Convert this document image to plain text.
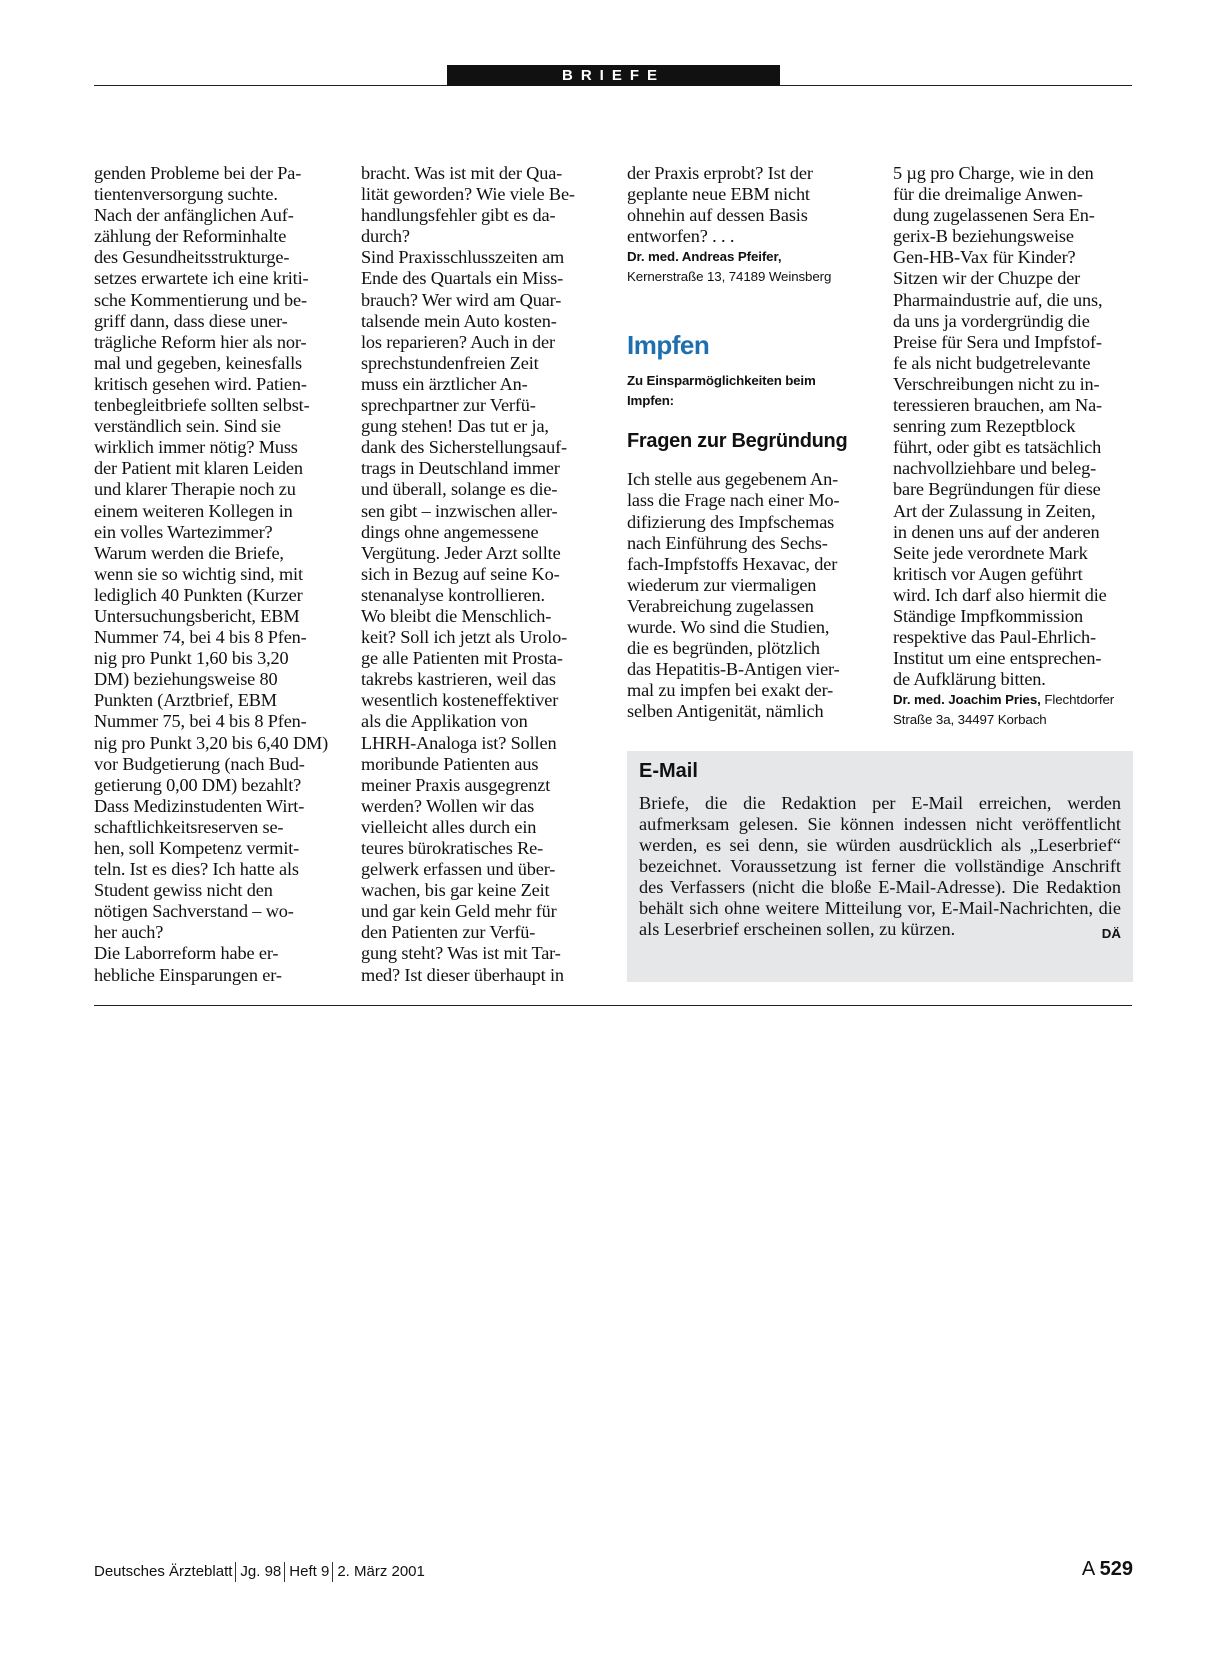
BRIEFE
genden Probleme bei der Pa-
tientenversorgung suchte.
Nach der anfänglichen Auf-
zählung der Reforminhalte
des Gesundheitsstrukturge-
setzes erwartete ich eine kriti-
sche Kommentierung und be-
griff dann, dass diese uner-
trägliche Reform hier als nor-
mal und gegeben, keinesfalls
kritisch gesehen wird. Patien-
tenbegleitbriefe sollten selbst-
verständlich sein. Sind sie
wirklich immer nötig? Muss
der Patient mit klaren Leiden
und klarer Therapie noch zu
einem weiteren Kollegen in
ein volles Wartezimmer?
Warum werden die Briefe,
wenn sie so wichtig sind, mit
lediglich 40 Punkten (Kurzer
Untersuchungsbericht, EBM
Nummer 74, bei 4 bis 8 Pfen-
nig pro Punkt 1,60 bis 3,20
DM) beziehungsweise 80
Punkten (Arztbrief, EBM
Nummer 75, bei 4 bis 8 Pfen-
nig pro Punkt 3,20 bis 6,40 DM)
vor Budgetierung (nach Bud-
getierung 0,00 DM) bezahlt?
Dass Medizinstudenten Wirt-
schaftlichkeitsreserven se-
hen, soll Kompetenz vermit-
teln. Ist es dies? Ich hatte als
Student gewiss nicht den
nötigen Sachverstand – wo-
her auch?
Die Laborreform habe er-
hebliche Einsparungen er-
bracht. Was ist mit der Qua-
lität geworden? Wie viele Be-
handlungsfehler gibt es da-
durch?
Sind Praxisschlusszeiten am
Ende des Quartals ein Miss-
brauch? Wer wird am Quar-
talsende mein Auto kosten-
los reparieren? Auch in der
sprechstundenfreien Zeit
muss ein ärztlicher An-
sprechpartner zur Verfü-
gung stehen! Das tut er ja,
dank des Sicherstellungsauf-
trags in Deutschland immer
und überall, solange es die-
sen gibt – inzwischen aller-
dings ohne angemessene
Vergütung. Jeder Arzt sollte
sich in Bezug auf seine Ko-
stenanalyse kontrollieren.
Wo bleibt die Menschlich-
keit? Soll ich jetzt als Urolo-
ge alle Patienten mit Prosta-
takrebs kastrieren, weil das
wesentlich kosteneffektiver
als die Applikation von
LHRH-Analoga ist? Sollen
moribunde Patienten aus
meiner Praxis ausgegrenzt
werden? Wollen wir das
vielleicht alles durch ein
teures bürokratisches Re-
gelwerk erfassen und über-
wachen, bis gar keine Zeit
und gar kein Geld mehr für
den Patienten zur Verfü-
gung steht? Was ist mit Tar-
med? Ist dieser überhaupt in
der Praxis erprobt? Ist der
geplante neue EBM nicht
ohnehin auf dessen Basis
entworfen? . . .
Dr. med. Andreas Pfeifer,
Kernerstraße 13, 74189 Weinsberg
Impfen
Zu Einsparmöglichkeiten beim
Impfen:
Fragen zur Begründung
Ich stelle aus gegebenem An-
lass die Frage nach einer Mo-
difizierung des Impfschemas
nach Einführung des Sechs-
fach-Impfstoffs Hexavac, der
wiederum zur viermaligen
Verabreichung zugelassen
wurde. Wo sind die Studien,
die es begründen, plötzlich
das Hepatitis-B-Antigen vier-
mal zu impfen bei exakt der-
selben Antigenität, nämlich
5 µg pro Charge, wie in den
für die dreimalige Anwen-
dung zugelassenen Sera En-
gerix-B beziehungsweise
Gen-HB-Vax für Kinder?
Sitzen wir der Chuzpe der
Pharmaindustrie auf, die uns,
da uns ja vordergründig die
Preise für Sera und Impfstof-
fe als nicht budgetrelevante
Verschreibungen nicht zu in-
teressieren brauchen, am Na-
senring zum Rezeptblock
führt, oder gibt es tatsächlich
nachvollziehbare und beleg-
bare Begründungen für diese
Art der Zulassung in Zeiten,
in denen uns auf der anderen
Seite jede verordnete Mark
kritisch vor Augen geführt
wird. Ich darf also hiermit die
Ständige Impfkommission
respektive das Paul-Ehrlich-
Institut um eine entsprechen-
de Aufklärung bitten.
Dr. med. Joachim Pries, Flechtdorfer
Straße 3a, 34497 Korbach
E-Mail

Briefe, die die Redaktion per E-Mail erreichen, werden aufmerksam gelesen. Sie können indessen nicht veröffentlicht werden, es sei denn, sie würden ausdrücklich als „Leserbrief“ bezeichnet. Voraussetzung ist ferner die vollständige Anschrift des Verfassers (nicht die bloße E-Mail-Adresse). Die Redaktion behält sich ohne weitere Mitteilung vor, E-Mail-Nachrichten, die als Leserbrief erscheinen sollen, zu kürzen.	DÄ
Deutsches Ärzteblatt Jg. 98 Heft 9 2. März 2001	A 529
